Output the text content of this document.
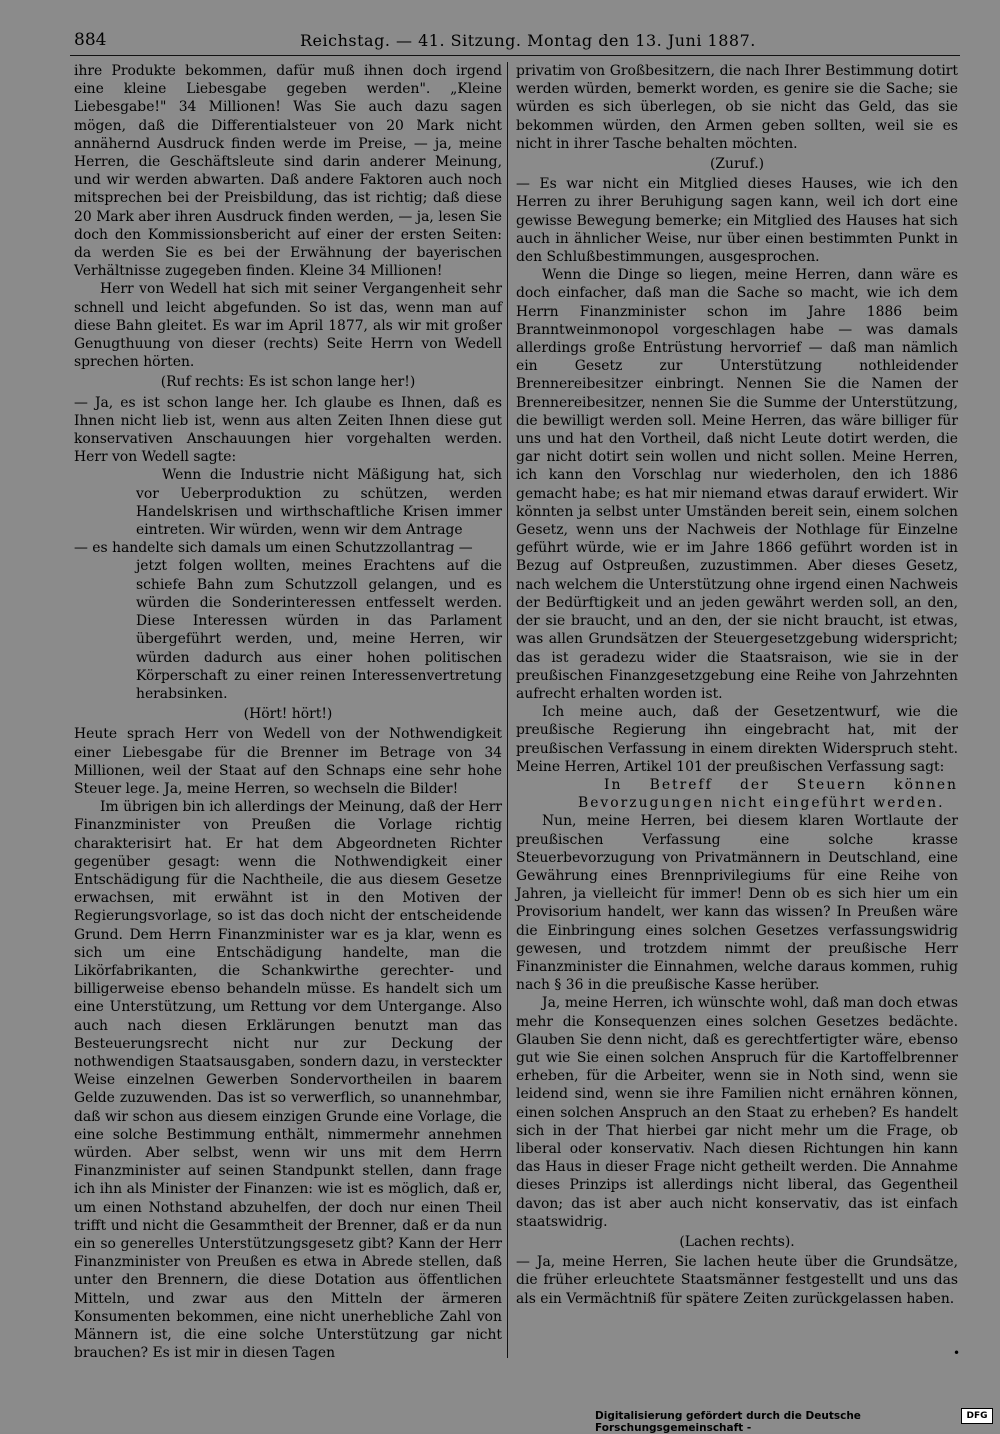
884	Reichstag. — 41. Sitzung. Montag den 13. Juni 1887.

ihre Produkte bekommen, dafür muß ihnen doch irgend eine kleine Liebesgabe gegeben werden". „Kleine Liebesgabe!" 34 Millionen! Was Sie auch dazu sagen mögen, daß die Differentialsteuer von 20 Mark nicht annähernd Ausdruck finden werde im Preise, — ja, meine Herren, die Geschäftsleute sind darin anderer Meinung, und wir werden abwarten. Daß andere Faktoren auch noch mitsprechen bei der Preisbildung, das ist richtig; daß diese 20 Mark aber ihren Ausdruck finden werden, — ja, lesen Sie doch den Kommissionsbericht auf einer der ersten Seiten: da werden Sie es bei der Erwähnung der bayerischen Verhältnisse zugegeben finden. Kleine 34 Millionen!

Herr von Wedell hat sich mit seiner Vergangenheit sehr schnell und leicht abgefunden. So ist das, wenn man auf diese Bahn gleitet. Es war im April 1877, als wir mit großer Genugthuung von dieser (rechts) Seite Herrn von Wedell sprechen hörten.

(Ruf rechts: Es ist schon lange her!)

— Ja, es ist schon lange her. Ich glaube es Ihnen, daß es Ihnen nicht lieb ist, wenn aus alten Zeiten Ihnen diese gut konservativen Anschauungen hier vorgehalten werden. Herr von Wedell sagte:

Wenn die Industrie nicht Mäßigung hat, sich vor Ueberproduktion zu schützen, werden Handelskrisen und wirthschaftliche Krisen immer eintreten. Wir würden, wenn wir dem Antrage

— es handelte sich damals um einen Schutzzollantrag —

jetzt folgen wollten, meines Erachtens auf die schiefe Bahn zum Schutzzoll gelangen, und es würden die Sonderinteressen entfesselt werden. Diese Interessen würden in das Parlament übergeführt werden, und, meine Herren, wir würden dadurch aus einer hohen politischen Körperschaft zu einer reinen Interessenvertretung herabsinken.

(Hört! hört!)

Heute sprach Herr von Wedell von der Nothwendigkeit einer Liebesgabe für die Brenner im Betrage von 34 Millionen, weil der Staat auf den Schnaps eine sehr hohe Steuer lege. Ja, meine Herren, so wechseln die Bilder!

Im übrigen bin ich allerdings der Meinung, daß der Herr Finanzminister von Preußen die Vorlage richtig charakterisirt hat. Er hat dem Abgeordneten Richter gegenüber gesagt: wenn die Nothwendigkeit einer Entschädigung für die Nachtheile, die aus diesem Gesetze erwachsen, mit erwähnt ist in den Motiven der Regierungsvorlage, so ist das doch nicht der entscheidende Grund. Dem Herrn Finanzminister war es ja klar, wenn es sich um eine Entschädigung handelte, man die Likörfabrikanten, die Schankwirthe gerechter- und billigerweise ebenso behandeln müsse. Es handelt sich um eine Unterstützung, um Rettung vor dem Untergange. Also auch nach diesen Erklärungen benutzt man das Besteuerungsrecht nicht nur zur Deckung der nothwendigen Staatsausgaben, sondern dazu, in versteckter Weise einzelnen Gewerben Sondervortheilen in baarem Gelde zuzuwenden. Das ist so verwerflich, so unannehmbar, daß wir schon aus diesem einzigen Grunde eine Vorlage, die eine solche Bestimmung enthält, nimmermehr annehmen würden. Aber selbst, wenn wir uns mit dem Herrn Finanzminister auf seinen Standpunkt stellen, dann frage ich ihn als Minister der Finanzen: wie ist es möglich, daß er, um einen Nothstand abzuhelfen, der doch nur einen Theil trifft und nicht die Gesammtheit der Brenner, daß er da nun ein so generelles Unterstützungsgesetz gibt? Kann der Herr Finanzminister von Preußen es etwa in Abrede stellen, daß unter den Brennern, die diese Dotation aus öffentlichen Mitteln, und zwar aus den Mitteln der ärmeren Konsumenten bekommen, eine nicht unerhebliche Zahl von Männern ist, die eine solche Unterstützung gar nicht brauchen? Es ist mir in diesen Tagen

privatim von Großbesitzern, die nach Ihrer Bestimmung dotirt werden würden, bemerkt worden, es genire sie die Sache; sie würden es sich überlegen, ob sie nicht das Geld, das sie bekommen würden, den Armen geben sollten, weil sie es nicht in ihrer Tasche behalten möchten.

(Zuruf.)

— Es war nicht ein Mitglied dieses Hauses, wie ich den Herren zu ihrer Beruhigung sagen kann, weil ich dort eine gewisse Bewegung bemerke; ein Mitglied des Hauses hat sich auch in ähnlicher Weise, nur über einen bestimmten Punkt in den Schlußbestimmungen, ausgesprochen.

Wenn die Dinge so liegen, meine Herren, dann wäre es doch einfacher, daß man die Sache so macht, wie ich dem Herrn Finanzminister schon im Jahre 1886 beim Branntweinmonopol vorgeschlagen habe — was damals allerdings große Entrüstung hervorrief — daß man nämlich ein Gesetz zur Unterstützung nothleidender Brennereibesitzer einbringt. Nennen Sie die Namen der Brennereibesitzer, nennen Sie die Summe der Unterstützung, die bewilligt werden soll. Meine Herren, das wäre billiger für uns und hat den Vortheil, daß nicht Leute dotirt werden, die gar nicht dotirt sein wollen und nicht sollen. Meine Herren, ich kann den Vorschlag nur wiederholen, den ich 1886 gemacht habe; es hat mir niemand etwas darauf erwidert. Wir könnten ja selbst unter Umständen bereit sein, einem solchen Gesetz, wenn uns der Nachweis der Nothlage für Einzelne geführt würde, wie er im Jahre 1866 geführt worden ist in Bezug auf Ostpreußen, zuzustimmen. Aber dieses Gesetz, nach welchem die Unterstützung ohne irgend einen Nachweis der Bedürftigkeit und an jeden gewährt werden soll, an den, der sie braucht, und an den, der sie nicht braucht, ist etwas, was allen Grundsätzen der Steuergesetzgebung widerspricht; das ist geradezu wider die Staatsraison, wie sie in der preußischen Finanzgesetzgebung eine Reihe von Jahrzehnten aufrecht erhalten worden ist.

Ich meine auch, daß der Gesetzentwurf, wie die preußische Regierung ihn eingebracht hat, mit der preußischen Verfassung in einem direkten Widerspruch steht. Meine Herren, Artikel 101 der preußischen Verfassung sagt:

In Betreff der Steuern können Bevorzugungen nicht eingeführt werden.

Nun, meine Herren, bei diesem klaren Wortlaute der preußischen Verfassung eine solche krasse Steuerbevorzugung von Privatmännern in Deutschland, eine Gewährung eines Brennprivilegiums für eine Reihe von Jahren, ja vielleicht für immer! Denn ob es sich hier um ein Provisorium handelt, wer kann das wissen? In Preußen wäre die Einbringung eines solchen Gesetzes verfassungswidrig gewesen, und trotzdem nimmt der preußische Herr Finanzminister die Einnahmen, welche daraus kommen, ruhig nach § 36 in die preußische Kasse herüber.

Ja, meine Herren, ich wünschte wohl, daß man doch etwas mehr die Konsequenzen eines solchen Gesetzes bedächte. Glauben Sie denn nicht, daß es gerechtfertigter wäre, ebenso gut wie Sie einen solchen Anspruch für die Kartoffelbrenner erheben, für die Arbeiter, wenn sie in Noth sind, wenn sie leidend sind, wenn sie ihre Familien nicht ernähren können, einen solchen Anspruch an den Staat zu erheben? Es handelt sich in der That hierbei gar nicht mehr um die Frage, ob liberal oder konservativ. Nach diesen Richtungen hin kann das Haus in dieser Frage nicht getheilt werden. Die Annahme dieses Prinzips ist allerdings nicht liberal, das Gegentheil davon; das ist aber auch nicht konservativ, das ist einfach staatswidrig.

(Lachen rechts).

— Ja, meine Herren, Sie lachen heute über die Grundsätze, die früher erleuchtete Staatsmänner festgestellt und uns das als ein Vermächtniß für spätere Zeiten zurückgelassen haben.

•
Digitalisierung gefördert durch die Deutsche Forschungsgemeinschaft -
DFG
